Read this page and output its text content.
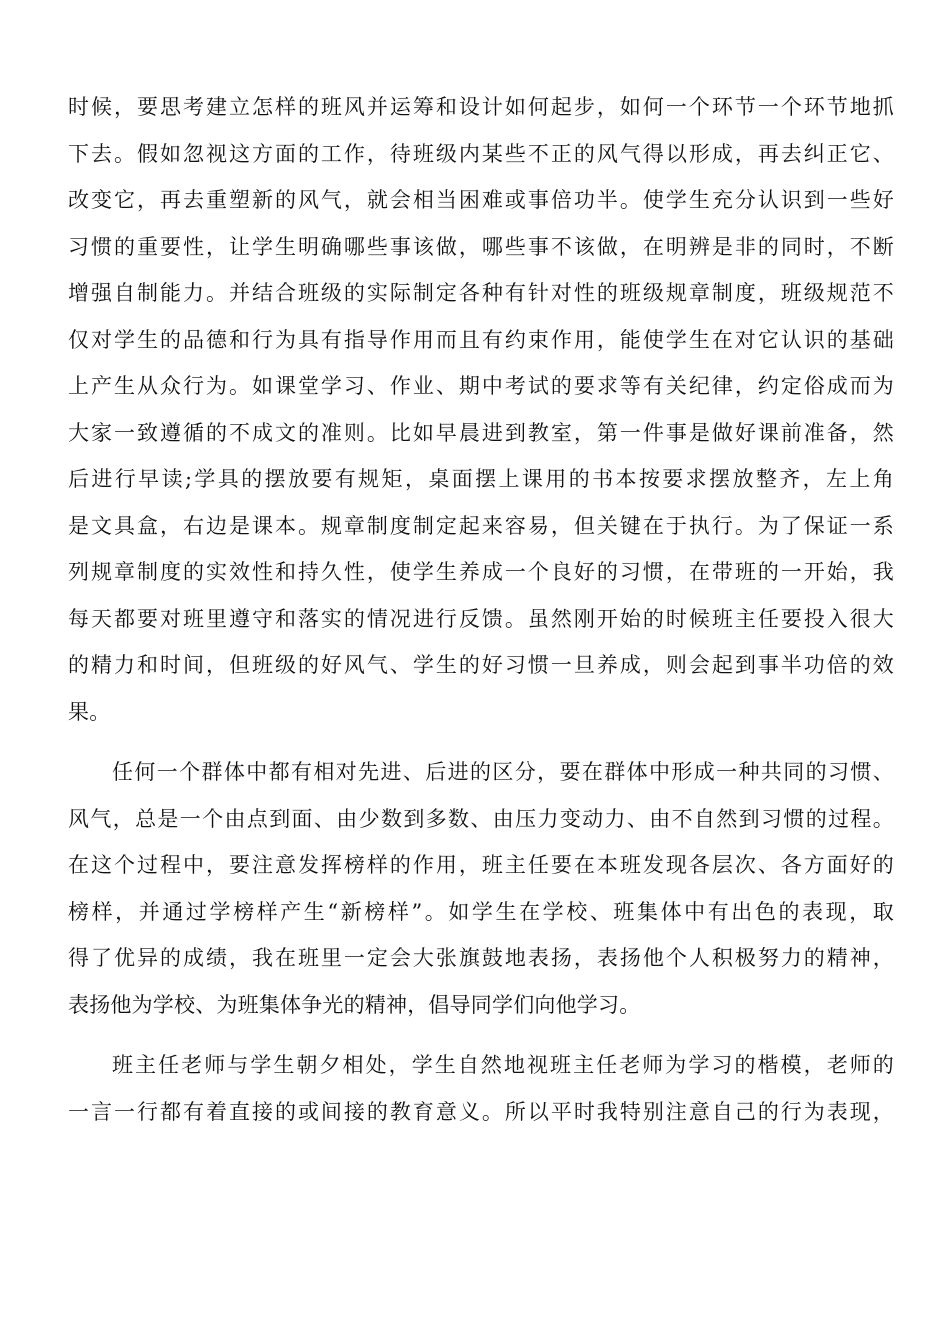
时候，要思考建立怎样的班风并运筹和设计如何起步，如何一个环节一个环节地抓
下去。假如忽视这方面的工作，待班级内某些不正的风气得以形成，再去纠正它、
改变它，再去重塑新的风气，就会相当困难或事倍功半。使学生充分认识到一些好
习惯的重要性，让学生明确哪些事该做，哪些事不该做，在明辨是非的同时，不断
增强自制能力。并结合班级的实际制定各种有针对性的班级规章制度，班级规范不
仅对学生的品德和行为具有指导作用而且有约束作用，能使学生在对它认识的基础
上产生从众行为。如课堂学习、作业、期中考试的要求等有关纪律，约定俗成而为
大家一致遵循的不成文的准则。比如早晨进到教室，第一件事是做好课前准备，然
后进行早读;学具的摆放要有规矩，桌面摆上课用的书本按要求摆放整齐，左上角
是文具盒，右边是课本。规章制度制定起来容易，但关键在于执行。为了保证一系
列规章制度的实效性和持久性，使学生养成一个良好的习惯，在带班的一开始，我
每天都要对班里遵守和落实的情况进行反馈。虽然刚开始的时候班主任要投入很大
的精力和时间，但班级的好风气、学生的好习惯一旦养成，则会起到事半功倍的效
果。
任何一个群体中都有相对先进、后进的区分，要在群体中形成一种共同的习惯、
风气，总是一个由点到面、由少数到多数、由压力变动力、由不自然到习惯的过程。
在这个过程中，要注意发挥榜样的作用，班主任要在本班发现各层次、各方面好的
榜样，并通过学榜样产生“新榜样”。如学生在学校、班集体中有出色的表现，取
得了优异的成绩，我在班里一定会大张旗鼓地表扬，表扬他个人积极努力的精神，
表扬他为学校、为班集体争光的精神，倡导同学们向他学习。
班主任老师与学生朝夕相处，学生自然地视班主任老师为学习的楷模，老师的
一言一行都有着直接的或间接的教育意义。所以平时我特别注意自己的行为表现，
